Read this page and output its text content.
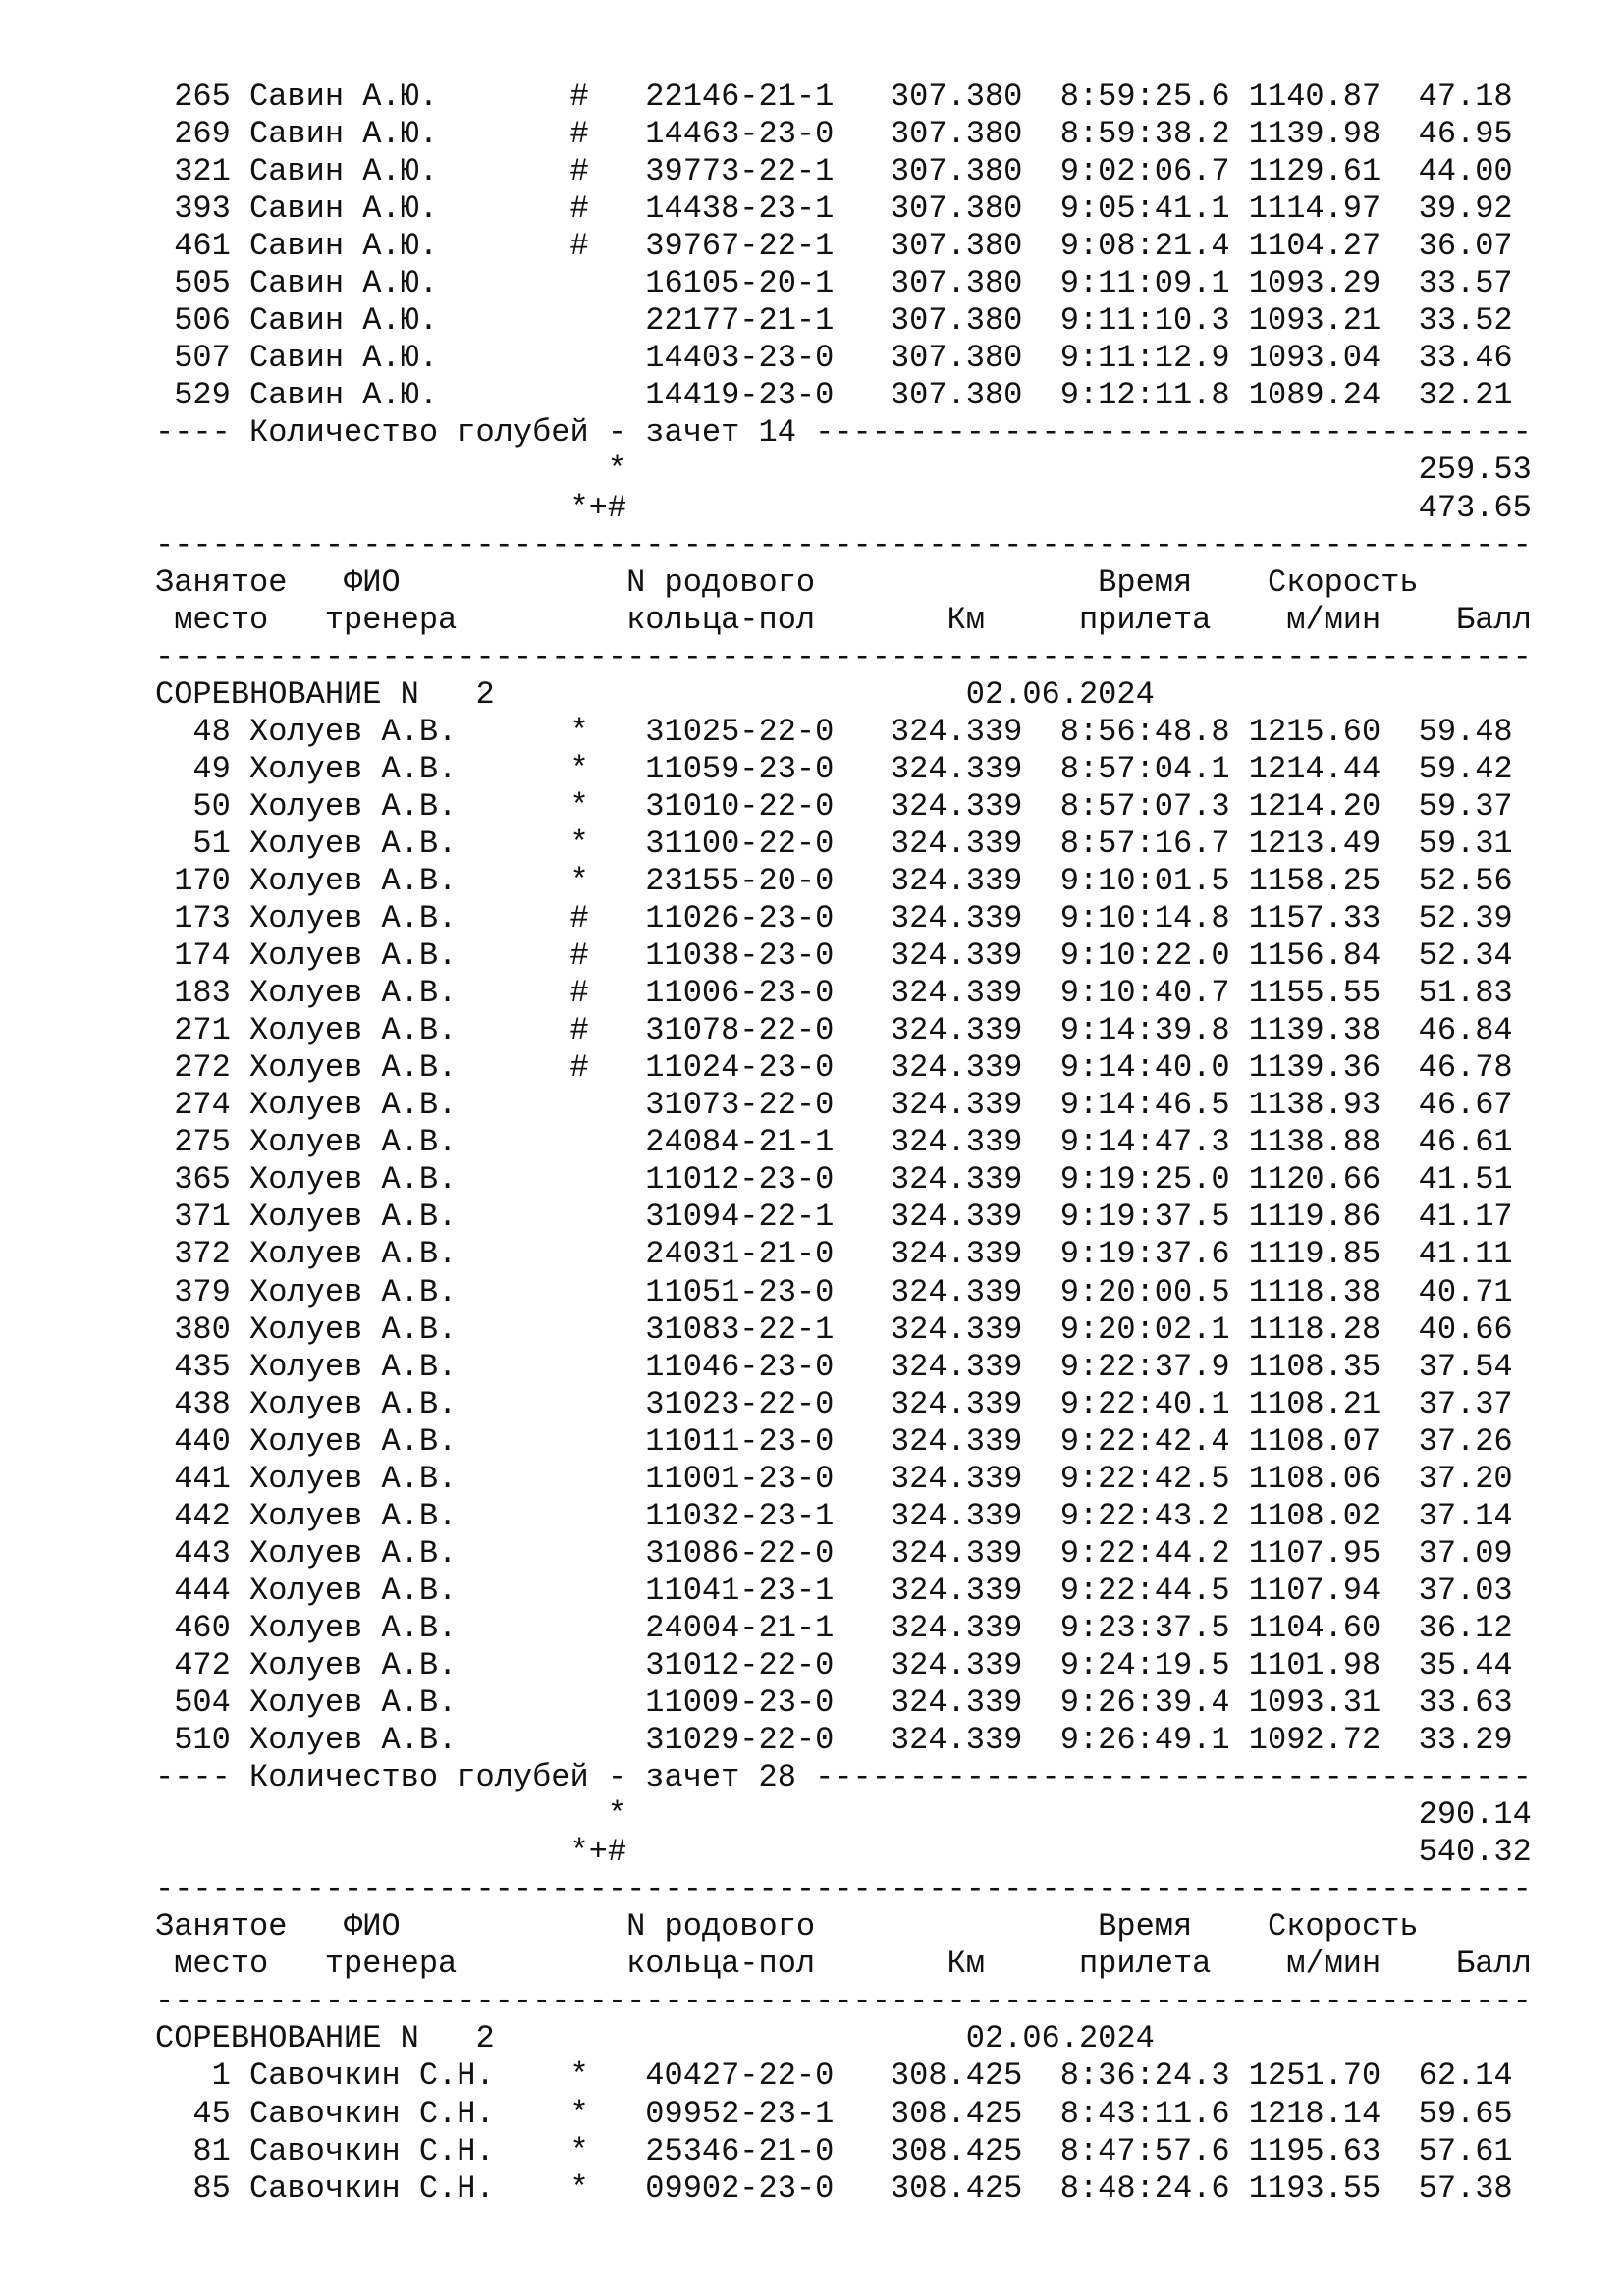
265 Савин А.Ю.       #   22146-21-1   307.380  8:59:25.6 1140.87  47.18
269 Савин А.Ю.       #   14463-23-0   307.380  8:59:38.2 1139.98  46.95
321 Савин А.Ю.       #   39773-22-1   307.380  9:02:06.7 1129.61  44.00
393 Савин А.Ю.       #   14438-23-1   307.380  9:05:41.1 1114.97  39.92
461 Савин А.Ю.       #   39767-22-1   307.380  9:08:21.4 1104.27  36.07
505 Савин А.Ю.           16105-20-1   307.380  9:11:09.1 1093.29  33.57
506 Савин А.Ю.           22177-21-1   307.380  9:11:10.3 1093.21  33.52
507 Савин А.Ю.           14403-23-0   307.380  9:11:12.9 1093.04  33.46
529 Савин А.Ю.           14419-23-0   307.380  9:12:11.8 1089.24  32.21
---- Количество голубей - зачет 14 --------------------------------------
*                                          259.53
*+#                                          473.65
-------------------------------------------------------------------------
Занятое   ФИО            N родового               Время    Скорость
место   тренера         кольца-пол       Км     прилета    м/мин    Балл
-------------------------------------------------------------------------
СОРЕВНОВАНИЕ N   2                         02.06.2024
48 Холуев А.В.      *   31025-22-0   324.339  8:56:48.8 1215.60  59.48
49 Холуев А.В.      *   11059-23-0   324.339  8:57:04.1 1214.44  59.42
50 Холуев А.В.      *   31010-22-0   324.339  8:57:07.3 1214.20  59.37
51 Холуев А.В.      *   31100-22-0   324.339  8:57:16.7 1213.49  59.31
170 Холуев А.В.      *   23155-20-0   324.339  9:10:01.5 1158.25  52.56
173 Холуев А.В.      #   11026-23-0   324.339  9:10:14.8 1157.33  52.39
174 Холуев А.В.      #   11038-23-0   324.339  9:10:22.0 1156.84  52.34
183 Холуев А.В.      #   11006-23-0   324.339  9:10:40.7 1155.55  51.83
271 Холуев А.В.      #   31078-22-0   324.339  9:14:39.8 1139.38  46.84
272 Холуев А.В.      #   11024-23-0   324.339  9:14:40.0 1139.36  46.78
274 Холуев А.В.          31073-22-0   324.339  9:14:46.5 1138.93  46.67
275 Холуев А.В.          24084-21-1   324.339  9:14:47.3 1138.88  46.61
365 Холуев А.В.          11012-23-0   324.339  9:19:25.0 1120.66  41.51
371 Холуев А.В.          31094-22-1   324.339  9:19:37.5 1119.86  41.17
372 Холуев А.В.          24031-21-0   324.339  9:19:37.6 1119.85  41.11
379 Холуев А.В.          11051-23-0   324.339  9:20:00.5 1118.38  40.71
380 Холуев А.В.          31083-22-1   324.339  9:20:02.1 1118.28  40.66
435 Холуев А.В.          11046-23-0   324.339  9:22:37.9 1108.35  37.54
438 Холуев А.В.          31023-22-0   324.339  9:22:40.1 1108.21  37.37
440 Холуев А.В.          11011-23-0   324.339  9:22:42.4 1108.07  37.26
441 Холуев А.В.          11001-23-0   324.339  9:22:42.5 1108.06  37.20
442 Холуев А.В.          11032-23-1   324.339  9:22:43.2 1108.02  37.14
443 Холуев А.В.          31086-22-0   324.339  9:22:44.2 1107.95  37.09
444 Холуев А.В.          11041-23-1   324.339  9:22:44.5 1107.94  37.03
460 Холуев А.В.          24004-21-1   324.339  9:23:37.5 1104.60  36.12
472 Холуев А.В.          31012-22-0   324.339  9:24:19.5 1101.98  35.44
504 Холуев А.В.          11009-23-0   324.339  9:26:39.4 1093.31  33.63
510 Холуев А.В.          31029-22-0   324.339  9:26:49.1 1092.72  33.29
---- Количество голубей - зачет 28 --------------------------------------
*                                          290.14
*+#                                          540.32
-------------------------------------------------------------------------
Занятое   ФИО            N родового               Время    Скорость
место   тренера         кольца-пол       Км     прилета    м/мин    Балл
-------------------------------------------------------------------------
СОРЕВНОВАНИЕ N   2                         02.06.2024
1 Савочкин С.Н.    *   40427-22-0   308.425  8:36:24.3 1251.70  62.14
45 Савочкин С.Н.    *   09952-23-1   308.425  8:43:11.6 1218.14  59.65
81 Савочкин С.Н.    *   25346-21-0   308.425  8:47:57.6 1195.63  57.61
85 Савочкин С.Н.    *   09902-23-0   308.425  8:48:24.6 1193.55  57.38
